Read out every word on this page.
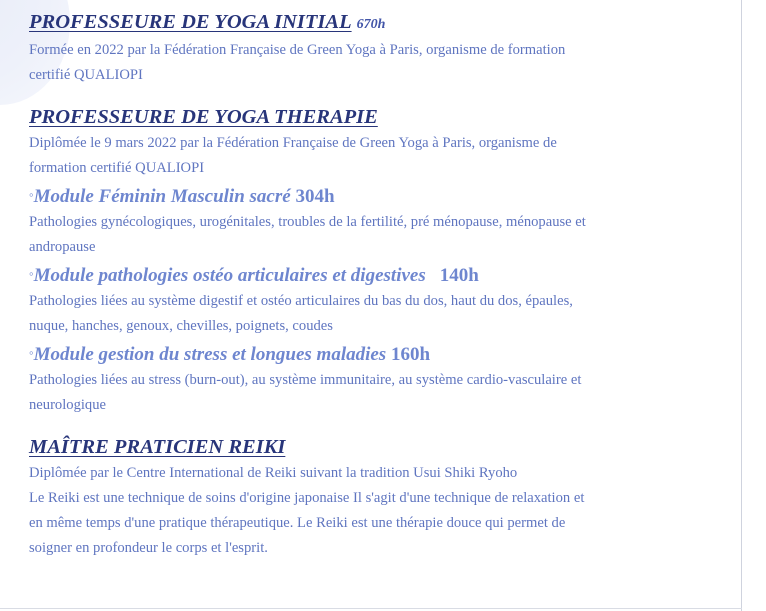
PROFESSEURE DE YOGA INITIAL 670h

Formée en 2022 par la Fédération Française de Green Yoga à Paris, organisme de formation

certifié QUALIOPI

PROFESSEURE DE YOGA THERAPIE

Diplômée le 9 mars 2022 par la Fédération Française de Green Yoga à Paris, organisme de

formation certifié QUALIOPI

◦Module Féminin Masculin sacré 304h

Pathologies gynécologiques, urogénitales, troubles de la fertilité, pré ménopause, ménopause et

andropause

◦Module pathologies ostéo articulaires et digestives 140h

Pathologies liées au système digestif et ostéo articulaires du bas du dos, haut du dos, épaules,

nuque, hanches, genoux, chevilles, poignets, coudes

◦Module gestion du stress et longues maladies 160h

Pathologies liées au stress (burn-out), au système immunitaire, au système cardio-vasculaire et

neurologique

MAÎTRE PRATICIEN REIKI

Diplômée par le Centre International de Reiki suivant la tradition Usui Shiki Ryoho

Le Reiki est une technique de soins d'origine japonaise Il s'agit d'une technique de relaxation et

en même temps d'une pratique thérapeutique. Le Reiki est une thérapie douce qui permet de

soigner en profondeur le corps et l'esprit.
